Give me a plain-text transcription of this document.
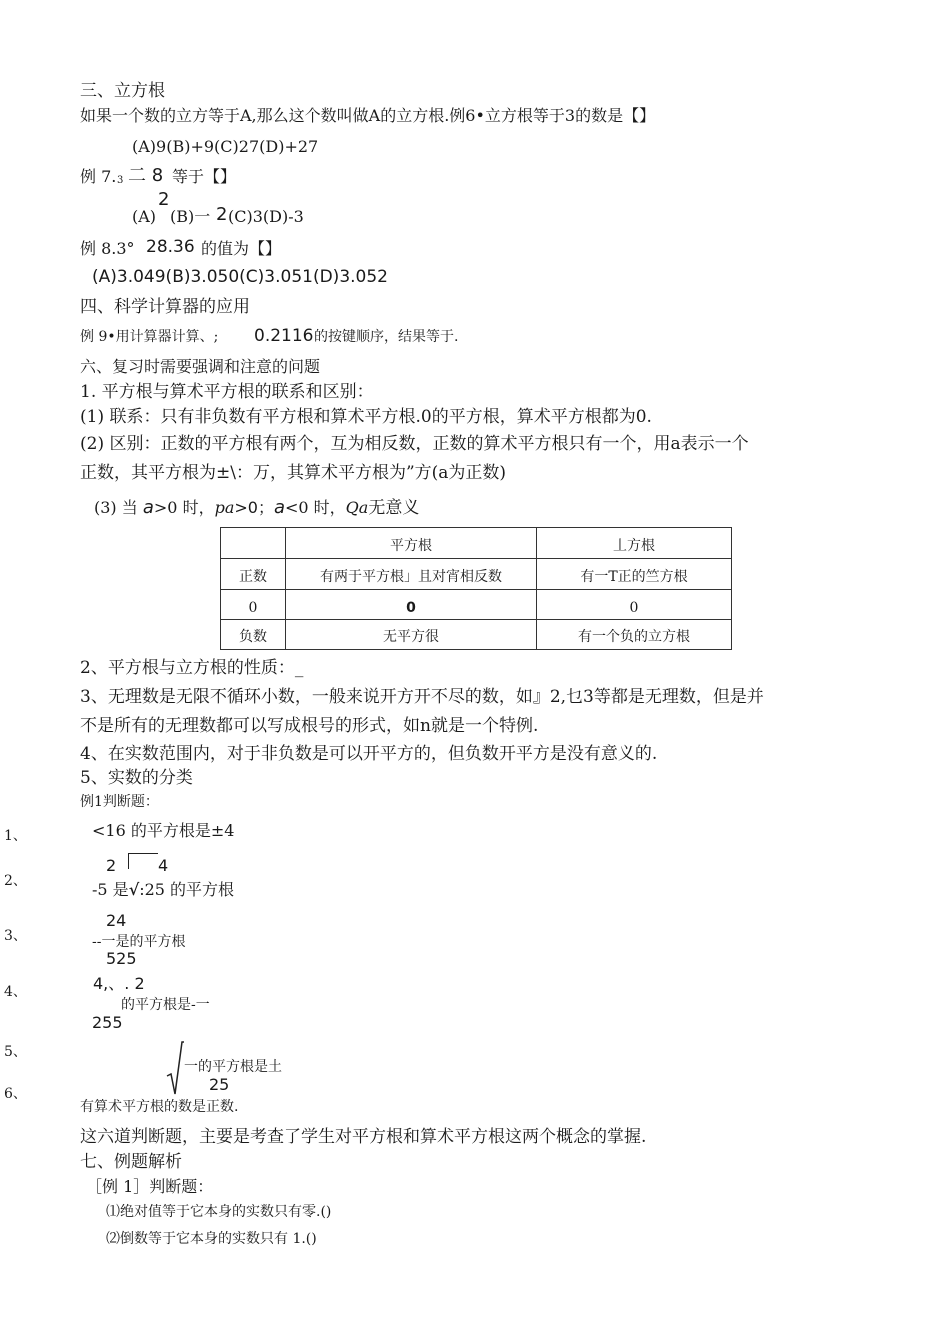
三、立方根
如果一个数的立方等于A,那么这个数叫做A的立方根.例6•立方根等于3的数是【】
(A)9(B)+9(C)27(D)+27
例 7. 3 二 8 等于【】
2
(A) (B)一 2 (C)3(D)-3
例 8.3° 28.36 的值为【】
(A)3.049(B)3.050(C)3.051(D)3.052
四、科学计算器的应用
例 9•用计算器计算、; 0.2116 的按键顺序，结果等于.
六、复习时需要强调和注意的问题
1. 平方根与算术平方根的联系和区别：
(1) 联系：只有非负数有平方根和算术平方根.0的平方根，算术平方根都为0.
(2) 区别：正数的平方根有两个，互为相反数，正数的算术平方根只有一个，用a表示一个
正数，其平方根为±\：万，其算术平方根为”方(a为正数)
(3) 当 a>0 时，pa>0；a<0 时，Qa无意义
	平方根	丄方根
正数	有两于平方根」且对宵相反数	有一T正的竺方根
0	0	0
负数	无平方很	有一个负的立方根
2、平方根与立方根的性质：_
3、无理数是无限不循环小数，一般来说开方开不尽的数，如』2,乜3等都是无理数，但是并
不是所有的无理数都可以写成根号的形式，如n就是一个特例.
4、在实数范围内，对于非负数是可以开平方的，但负数开平方是没有意义的.
5、实数的分类
例1判断题：
1、	<16 的平方根是±4
2、
2	4
-5 是√:25 的平方根
3、
24
--一是的平方根
525
4、	4,、. 2
的平方根是-一
255
5、
一的平方根是土
25
6、
有算术平方根的数是正数.
这六道判断题，主要是考查了学生对平方根和算术平方根这两个概念的掌握.
七、例题解析
［例 1］判断题：
⑴绝对值等于它本身的实数只有零.()
⑵倒数等于它本身的实数只有 1.()
